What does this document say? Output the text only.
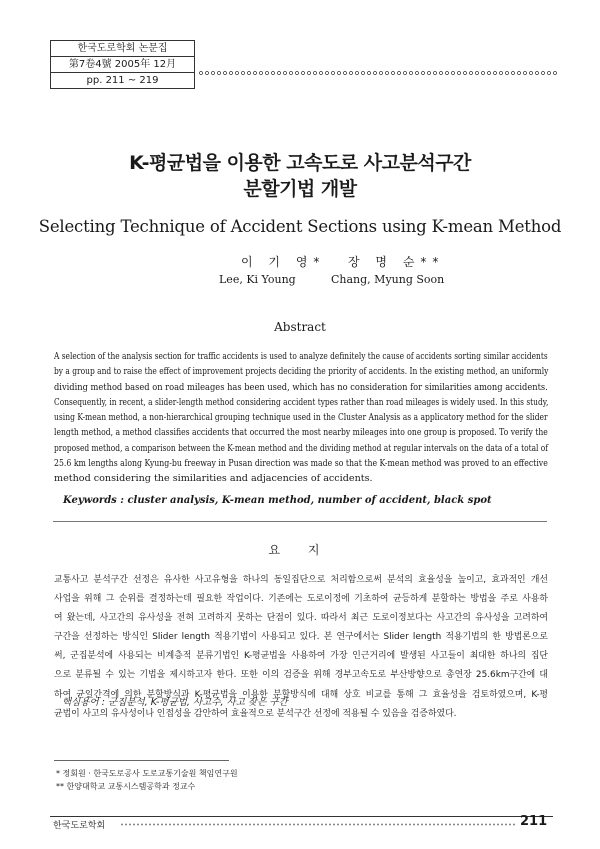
한국도로학회 논문집
第7卷4號 2005年 12月
pp. 211 ~ 219
K-평균법을 이용한 고속도로 사고분석구간
분할기법 개발
Selecting Technique of Accident Sections using K-mean Method
이 기 영* 장 명 순**
Lee, Ki Young	Chang, Myung Soon
Abstract
A selection of the analysis section for traffic accidents is used to analyze definitely the cause of accidents sorting similar accidents
by a group and to raise the effect of improvement projects deciding the priority of accidents. In the existing method, an uniformly
dividing method based on road mileages has been used, which has no consideration for similarities among accidents.
Consequently, in recent, a slider-length method considering accident types rather than road mileages is widely used. In this study,
using K-mean method, a non-hierarchical grouping technique used in the Cluster Analysis as a applicatory method for the slider
length method, a method classifies accidents that occurred the most nearby mileages into one group is proposed. To verify the
proposed method, a comparison between the K-mean method and the dividing method at regular intervals on the data of a total of
25.6 km lengths along Kyung-bu freeway in Pusan direction was made so that the K-mean method was proved to an effective
method considering the similarities and adjacencies of accidents.
Keywords : cluster analysis, K-mean method, number of accident, black spot
요 지
교통사고 분석구간 선정은 유사한 사고유형을 하나의 동일집단으로 처리함으로써 분석의 효율성을 높이고, 효과적인 개선
사업을 위해 그 순위를 결정하는데 필요한 작업이다. 기존에는 도로이정에 기초하여 균등하게 분할하는 방법을 주로 사용하
여 왔는데, 사고간의 유사성을 전혀 고려하지 못하는 단점이 있다. 따라서 최근 도로이정보다는 사고간의 유사성을 고려하여
구간을 선정하는 방식인 Slider length 적용기법이 사용되고 있다. 본 연구에서는 Slider length 적용기법의 한 방법론으로
써, 군집분석에 사용되는 비계층적 분류기법인 K-평균법을 사용하여 가장 인근거리에 발생된 사고들이 최대한 하나의 집단
으로 분류될 수 있는 기법을 제시하고자 한다. 또한 이의 검증을 위해 경부고속도로 부산방향으로 총연장 25.6km구간에 대
하여 균일간격에 의한 분할방식과 K-평균법을 이용한 분할방식에 대해 상호 비교를 통해 그 효율성을 검토하였으며, K-평
균법이 사고의 유사성이나 인접성을 감안하여 효율적으로 분석구간 선정에 적용될 수 있음을 검증하였다.
핵심용어 : 군집분석, K-평균법, 사고수, 사고 잦은 구간
* 정회원 · 한국도로공사 도로교통기술원 책임연구원
** 한양대학교 교통시스템공학과 정교수
한국도로학회	211
